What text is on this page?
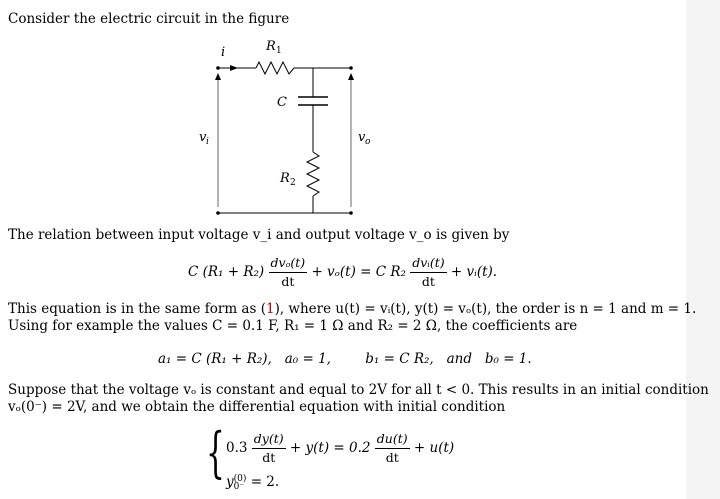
Consider the electric circuit in the figure
i	R 1
C
R 2
v i	v o
The relation between input voltage v_i and output voltage v_o is given by
C $(R_1 + R_2) \frac{\text{dvₒ(t)}}{dt} + v_o(t) = C$ $R_2 \frac{\text{dvᵢ(t)}}{dt}$ + vᵢ(t).
This equation is in the same form as (1), where u(t) = vᵢ(t), y(t) = vₒ(t), the order is n = 1 and m = 1.
Using for example the values C = 0.1 F, R₁ = 1 Ω and R₂ = 2 Ω, the coefficients are
a₁ = C (R₁ + R₂),   a₀ = 1,        b₁ = C R₂,   and   b₀ = 1.
Suppose that the voltage vₒ is constant and equal to 2V for all t < 0. This results in an initial condition
vₒ(0⁻) = 2V, and we obtain the differential equation with initial condition
{ $0.3 \frac{dy(t)}{dt} + y(t) = 0.2 \frac{du(t)}{dt} + u(t)$
y (0)
0⁻ = 2.
